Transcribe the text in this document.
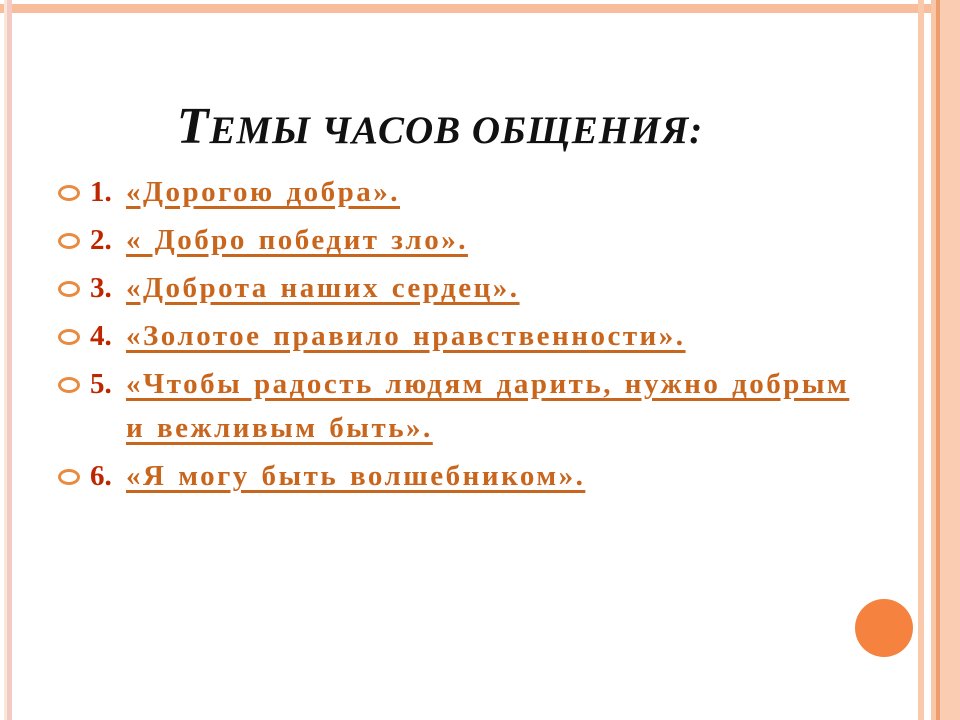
ТЕМЫ ЧАСОВ ОБЩЕНИЯ:
1. «Дорогою добра».
2. « Добро победит зло».
3. «Доброта наших сердец».
4. «Золотое правило нравственности».
5. «Чтобы радость людям дарить, нужно добрым и вежливым быть».
6. «Я могу быть волшебником».
